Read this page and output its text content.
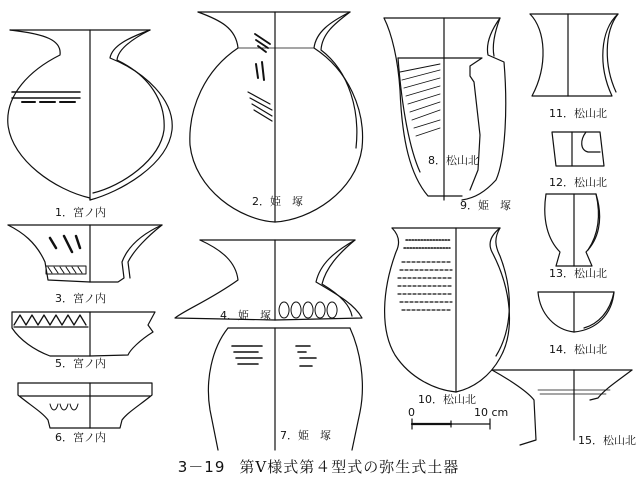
1．宮ノ内
2．姫　塚
3．宮ノ内
4．姫　塚
5．宮ノ内
6．宮ノ内	7．姫　塚
8．松山北
9．姫　塚
10．松山北
11．松山北
12．松山北
13．松山北
14．松山北
15．松山北
0	10 cm
3－19 第Ⅴ様式第４型式の弥生式土器
